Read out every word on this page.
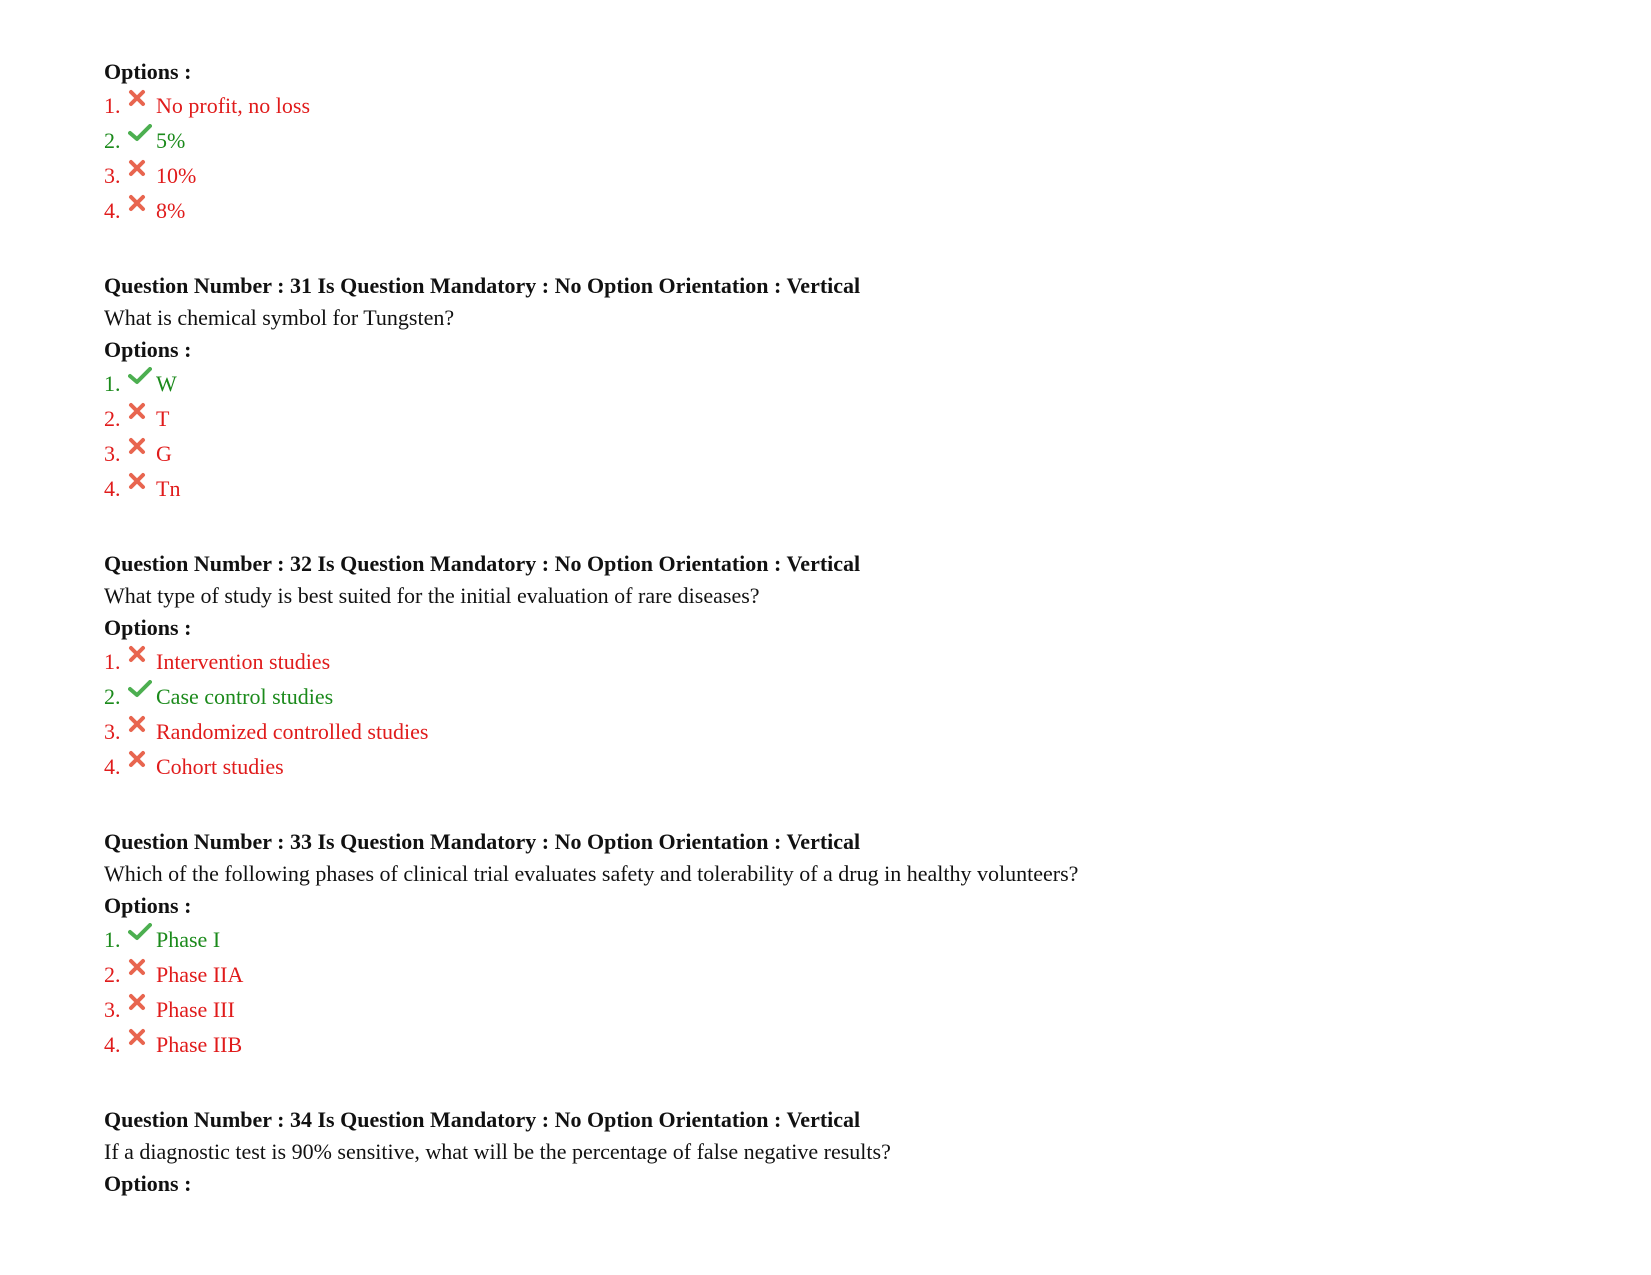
Options :
1. No profit, no loss
2. 5%
3. 10%
4. 8%
Question Number : 31 Is Question Mandatory : No Option Orientation : Vertical
What is chemical symbol for Tungsten?
Options :
1. W
2. T
3. G
4. Tn
Question Number : 32 Is Question Mandatory : No Option Orientation : Vertical
What type of study is best suited for the initial evaluation of rare diseases?
Options :
1. Intervention studies
2. Case control studies
3. Randomized controlled studies
4. Cohort studies
Question Number : 33 Is Question Mandatory : No Option Orientation : Vertical
Which of the following phases of clinical trial evaluates safety and tolerability of a drug in healthy volunteers?
Options :
1. Phase I
2. Phase IIA
3. Phase III
4. Phase IIB
Question Number : 34 Is Question Mandatory : No Option Orientation : Vertical
If a diagnostic test is 90% sensitive, what will be the percentage of false negative results?
Options :
